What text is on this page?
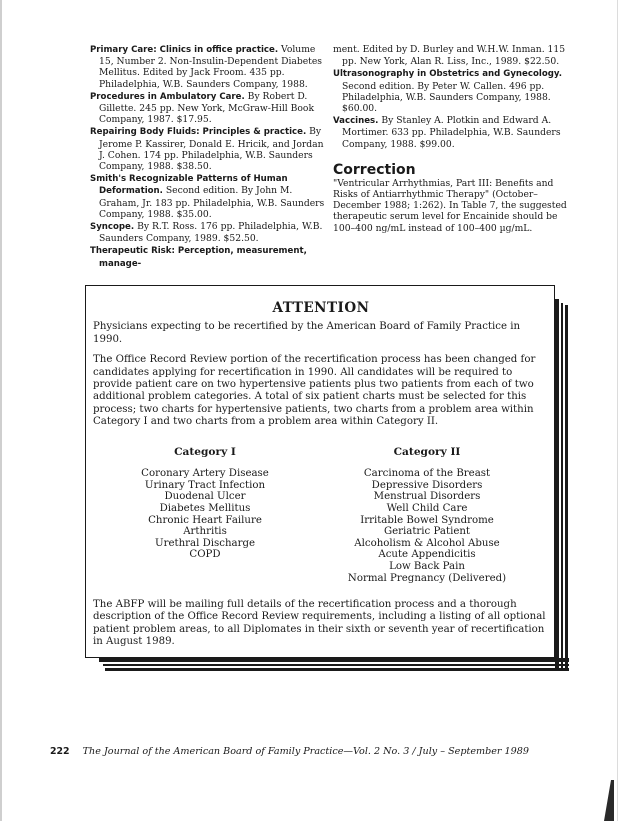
Primary Care: Clinics in office practice. Volume 15, Number 2. Non-Insulin-Dependent Diabetes Mellitus. Edited by Jack Froom. 435 pp. Philadelphia, W.B. Saunders Company, 1988.

Procedures in Ambulatory Care. By Robert D. Gillette. 245 pp. New York, McGraw-Hill Book Company, 1987. $17.95.

Repairing Body Fluids: Principles & practice. By Jerome P. Kassirer, Donald E. Hricik, and Jordan J. Cohen. 174 pp. Philadelphia, W.B. Saunders Company, 1988. $38.50.

Smith's Recognizable Patterns of Human Deformation. Second edition. By John M. Graham, Jr. 183 pp. Philadelphia, W.B. Saunders Company, 1988. $35.00.

Syncope. By R.T. Ross. 176 pp. Philadelphia, W.B. Saunders Company, 1989. $52.50.

Therapeutic Risk: Perception, measurement, manage-

ment. Edited by D. Burley and W.H.W. Inman. 115 pp. New York, Alan R. Liss, Inc., 1989. $22.50.

Ultrasonography in Obstetrics and Gynecology. Second edition. By Peter W. Callen. 496 pp. Philadelphia, W.B. Saunders Company, 1988. $60.00.

Vaccines. By Stanley A. Plotkin and Edward A. Mortimer. 633 pp. Philadelphia, W.B. Saunders Company, 1988. $99.00.

Correction

"Ventricular Arrhythmias, Part III: Benefits and Risks of Antiarrhythmic Therapy" (October–December 1988; 1:262). In Table 7, the suggested therapeutic serum level for Encainide should be 100–400 ng/mL instead of 100–400 µg/mL.

ATTENTION

Physicians expecting to be recertified by the American Board of Family Practice in 1990.

The Office Record Review portion of the recertification process has been changed for candidates applying for recertification in 1990. All candidates will be required to provide patient care on two hypertensive patients plus two patients from each of two additional problem categories. A total of six patient charts must be selected for this process; two charts for hypertensive patients, two charts from a problem area within Category I and two charts from a problem area within Category II.

Category I
Coronary Artery Disease
Urinary Tract Infection
Duodenal Ulcer
Diabetes Mellitus
Chronic Heart Failure
Arthritis
Urethral Discharge
COPD
Category II
Carcinoma of the Breast
Depressive Disorders
Menstrual Disorders
Well Child Care
Irritable Bowel Syndrome
Geriatric Patient
Alcoholism & Alcohol Abuse
Acute Appendicitis
Low Back Pain
Normal Pregnancy (Delivered)

The ABFP will be mailing full details of the recertification process and a thorough description of the Office Record Review requirements, including a listing of all optional patient problem areas, to all Diplomates in their sixth or seventh year of recertification in August 1989.

222 The Journal of the American Board of Family Practice—Vol. 2 No. 3 / July – September 1989
